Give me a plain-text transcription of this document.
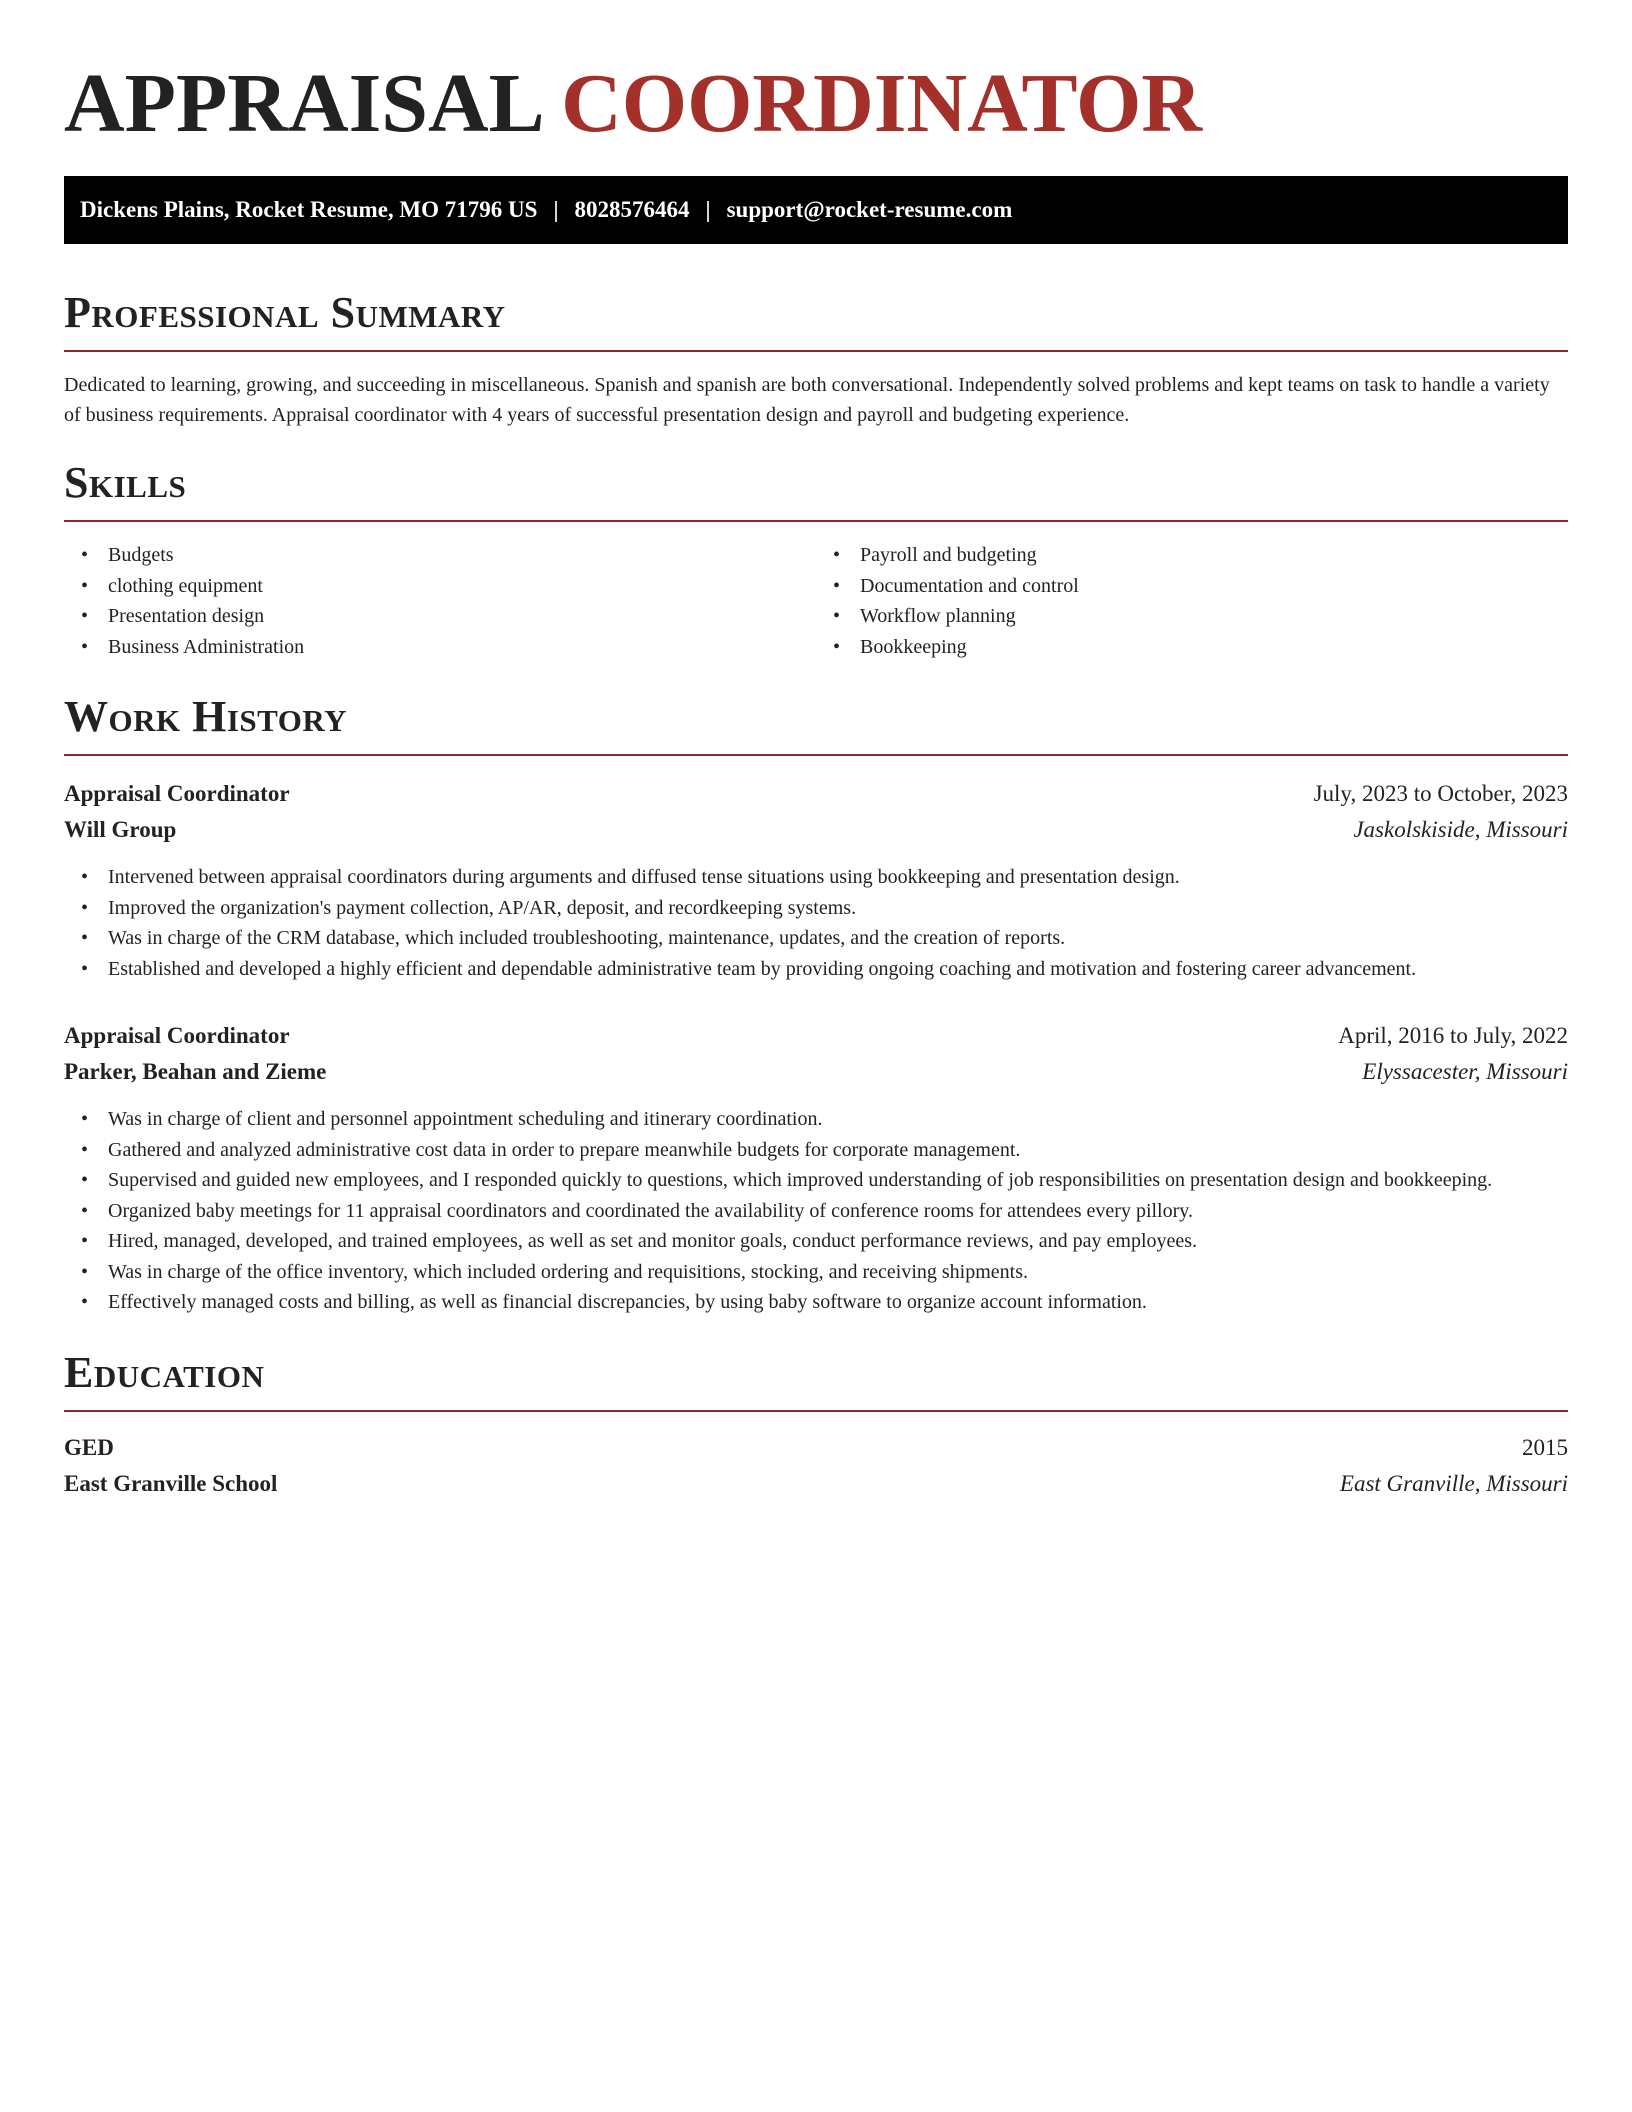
APPRAISAL COORDINATOR
Dickens Plains, Rocket Resume, MO 71796 US | 8028576464 | support@rocket-resume.com
Professional Summary

Dedicated to learning, growing, and succeeding in miscellaneous. Spanish and spanish are both conversational. Independently solved problems and kept teams on task to handle a variety of business requirements. Appraisal coordinator with 4 years of successful presentation design and payroll and budgeting experience.

Skills
• Budgets
• clothing equipment
• Presentation design
• Business Administration
• Payroll and budgeting
• Documentation and control
• Workflow planning
• Bookkeeping
Work History
Appraisal Coordinator	July, 2023 to October, 2023
Will Group	Jaskolskiside, Missouri
• Intervened between appraisal coordinators during arguments and diffused tense situations using bookkeeping and presentation design.
• Improved the organization's payment collection, AP/AR, deposit, and recordkeeping systems.
• Was in charge of the CRM database, which included troubleshooting, maintenance, updates, and the creation of reports.
• Established and developed a highly efficient and dependable administrative team by providing ongoing coaching and motivation and fostering career advancement.
Appraisal Coordinator	April, 2016 to July, 2022
Parker, Beahan and Zieme	Elyssacester, Missouri
• Was in charge of client and personnel appointment scheduling and itinerary coordination.
• Gathered and analyzed administrative cost data in order to prepare meanwhile budgets for corporate management.
• Supervised and guided new employees, and I responded quickly to questions, which improved understanding of job responsibilities on presentation design and bookkeeping.
• Organized baby meetings for 11 appraisal coordinators and coordinated the availability of conference rooms for attendees every pillory.
• Hired, managed, developed, and trained employees, as well as set and monitor goals, conduct performance reviews, and pay employees.
• Was in charge of the office inventory, which included ordering and requisitions, stocking, and receiving shipments.
• Effectively managed costs and billing, as well as financial discrepancies, by using baby software to organize account information.
Education
GED	2015
East Granville School	East Granville, Missouri
